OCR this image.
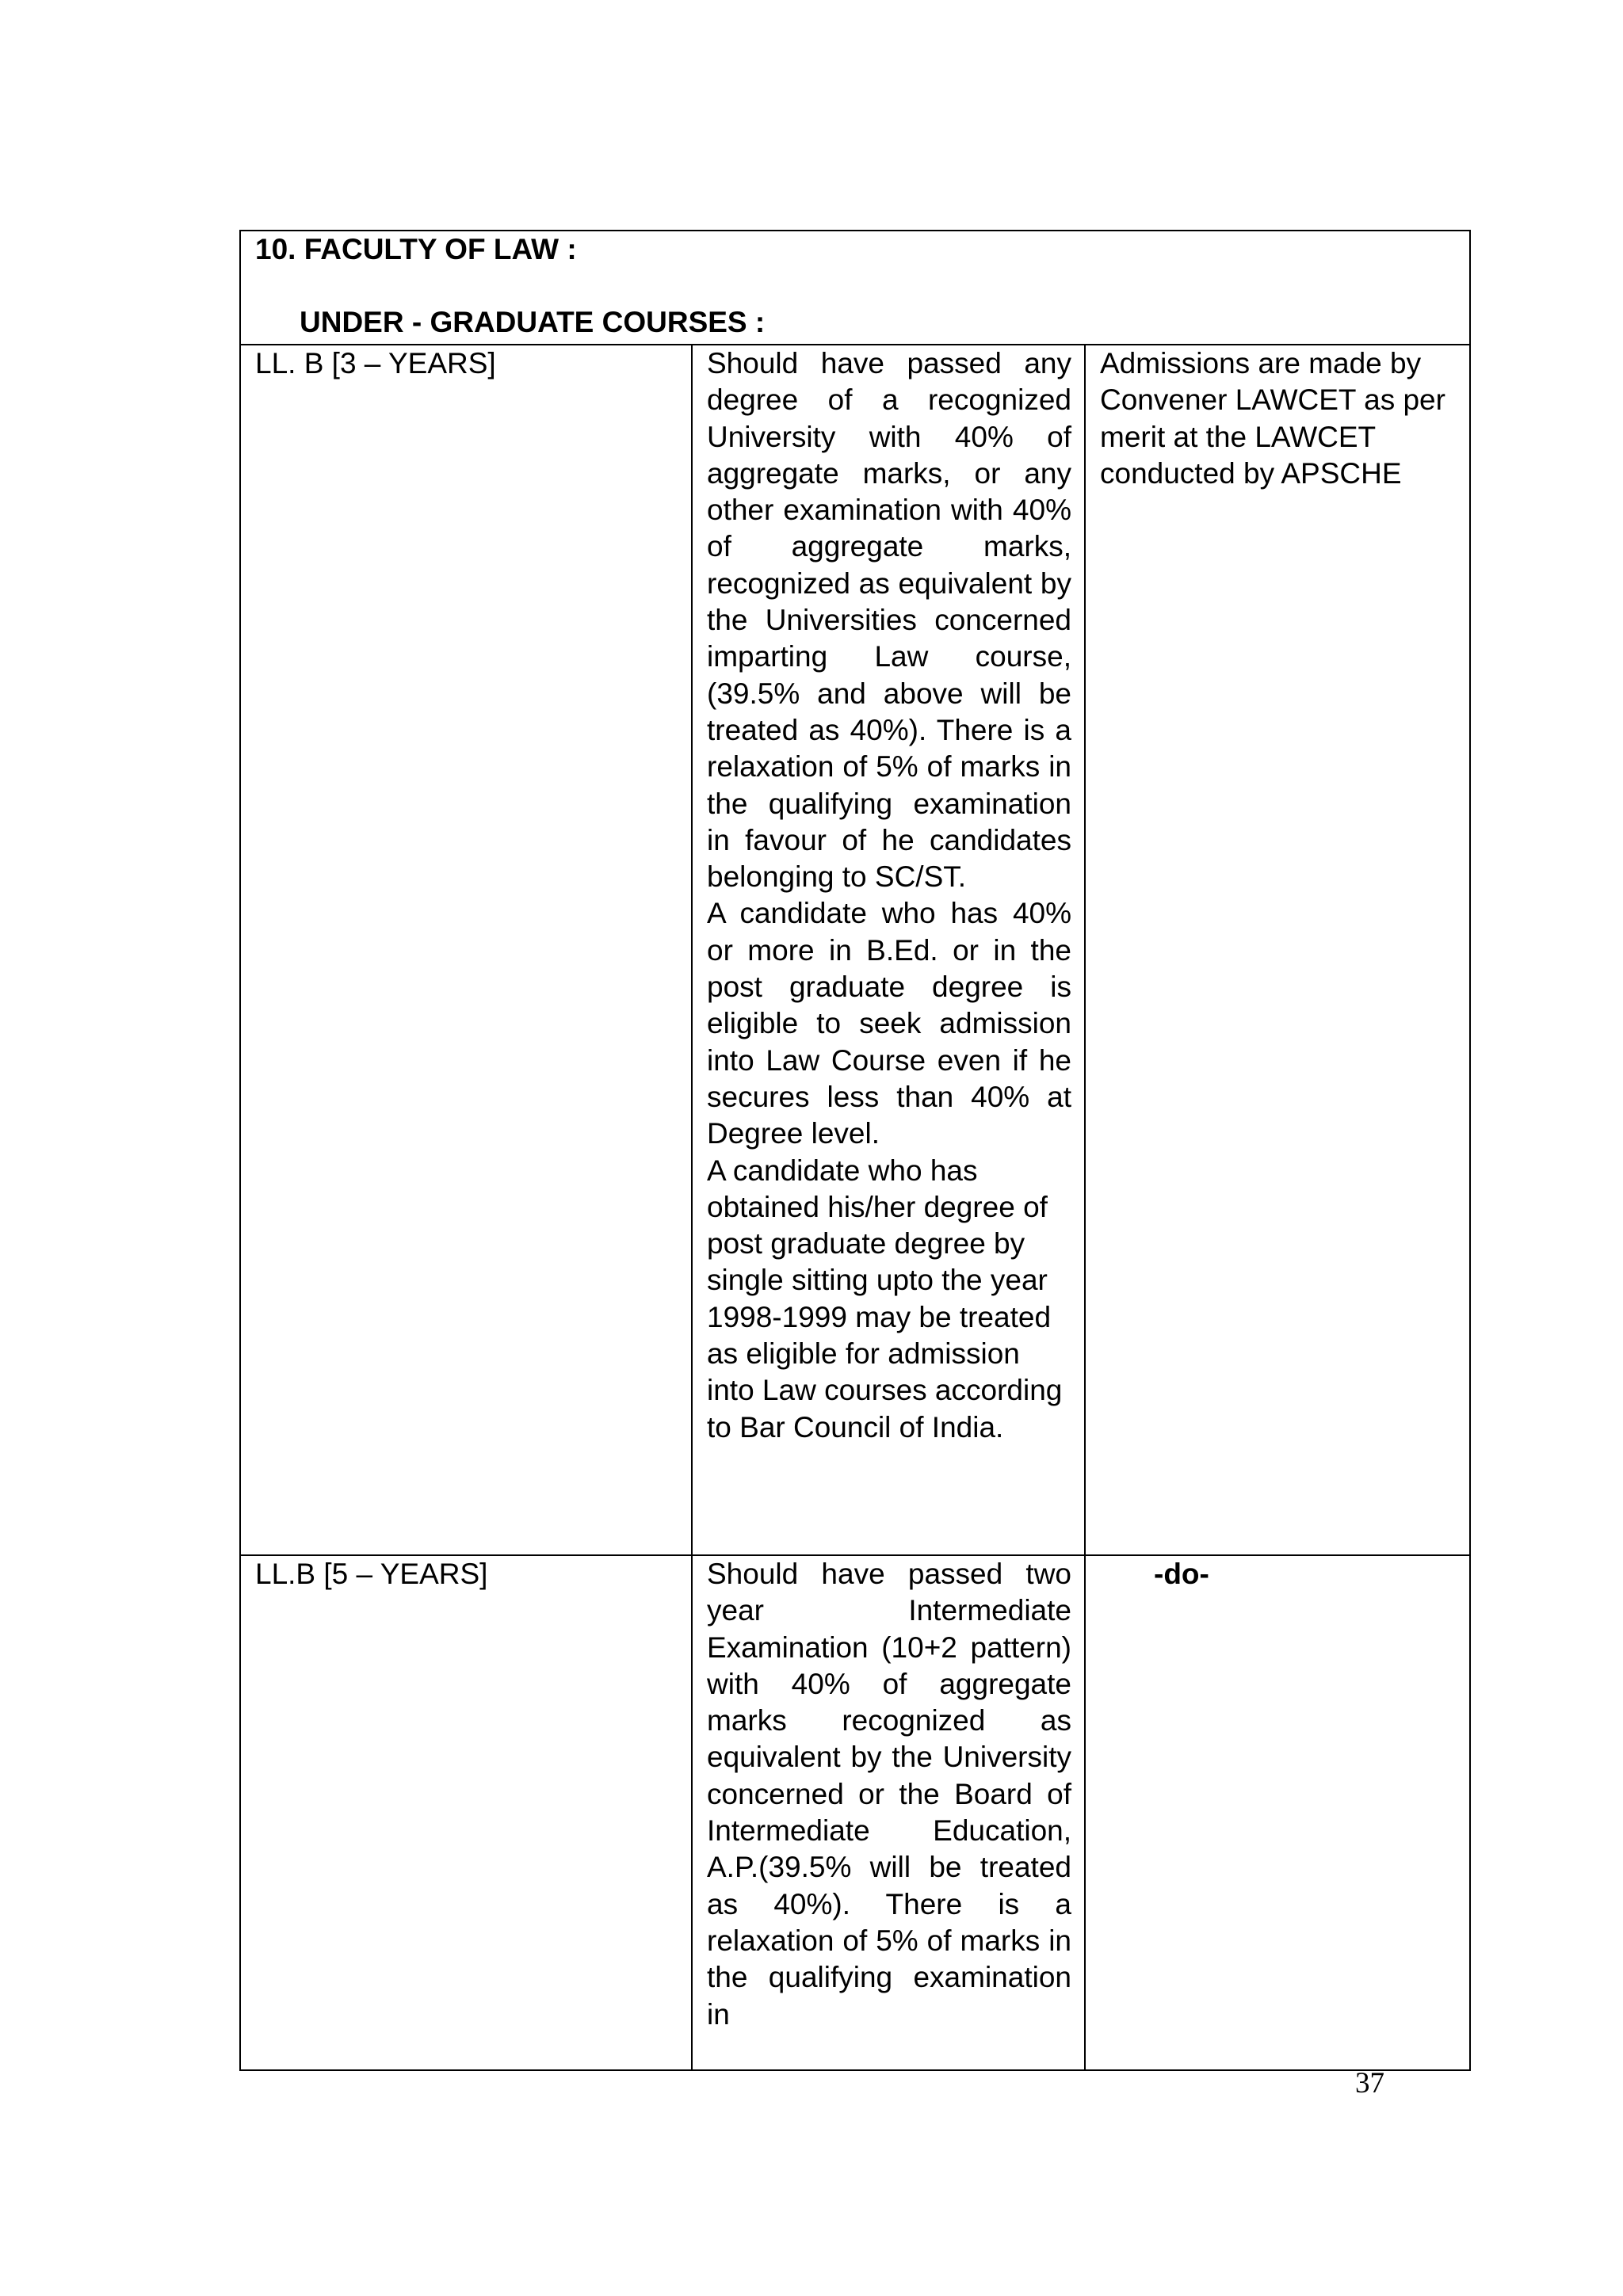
10. FACULTY OF LAW :
UNDER - GRADUATE COURSES :		

LL. B [3 – YEARS]	Should have passed any degree of a recognized University with 40% of aggregate marks, or any other examination with 40% of aggregate marks, recognized as equivalent by the Universities concerned imparting Law course,(39.5% and above will be treated as 40%). There is a relaxation of 5% of marks in the qualifying examination in favour of he candidates belonging to SC/ST.

A candidate who has 40% or more in B.Ed. or in the post graduate degree is eligible to seek admission into Law Course even if he secures less than 40% at Degree level.

A candidate who has obtained his/her degree of post graduate degree by single sitting upto the year 1998-1999 may be treated as eligible for admission into Law courses according to Bar Council of India.	Admissions are made by Convener LAWCET as per merit at the LAWCET conducted by APSCHE
LL.B [5 – YEARS]	Should have passed two year Intermediate Examination (10+2 pattern) with 40% of aggregate marks recognized as equivalent by the University concerned or the Board of Intermediate Education, A.P.(39.5% will be treated as 40%). There is a relaxation of 5% of marks in the qualifying examination in	-do-
37
